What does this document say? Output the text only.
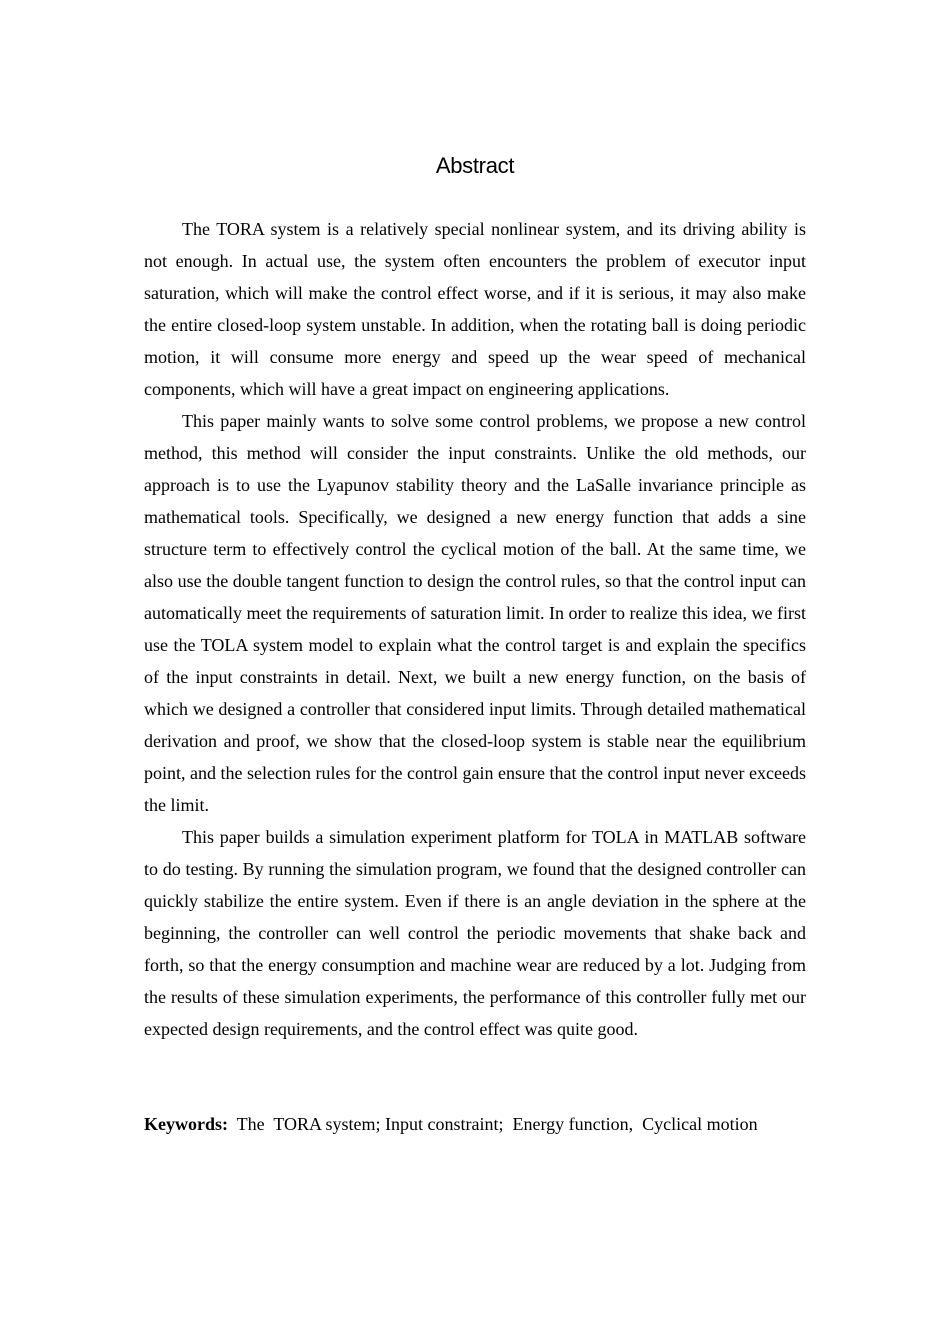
Abstract

The TORA system is a relatively special nonlinear system, and its driving ability is not enough. In actual use, the system often encounters the problem of executor input saturation, which will make the control effect worse, and if it is serious, it may also make the entire closed-loop system unstable. In addition, when the rotating ball is doing periodic motion, it will consume more energy and speed up the wear speed of mechanical components, which will have a great impact on engineering applications.

This paper mainly wants to solve some control problems, we propose a new control method, this method will consider the input constraints. Unlike the old methods, our approach is to use the Lyapunov stability theory and the LaSalle invariance principle as mathematical tools. Specifically, we designed a new energy function that adds a sine structure term to effectively control the cyclical motion of the ball. At the same time, we also use the double tangent function to design the control rules, so that the control input can automatically meet the requirements of saturation limit. In order to realize this idea, we first use the TOLA system model to explain what the control target is and explain the specifics of the input constraints in detail. Next, we built a new energy function, on the basis of which we designed a controller that considered input limits. Through detailed mathematical derivation and proof, we show that the closed-loop system is stable near the equilibrium point, and the selection rules for the control gain ensure that the control input never exceeds the limit.

This paper builds a simulation experiment platform for TOLA in MATLAB software to do testing. By running the simulation program, we found that the designed controller can quickly stabilize the entire system. Even if there is an angle deviation in the sphere at the beginning, the controller can well control the periodic movements that shake back and forth, so that the energy consumption and machine wear are reduced by a lot. Judging from the results of these simulation experiments, the performance of this controller fully met our expected design requirements, and the control effect was quite good.

Keywords:  The  TORA system; Input constraint;  Energy function,  Cyclical motion
